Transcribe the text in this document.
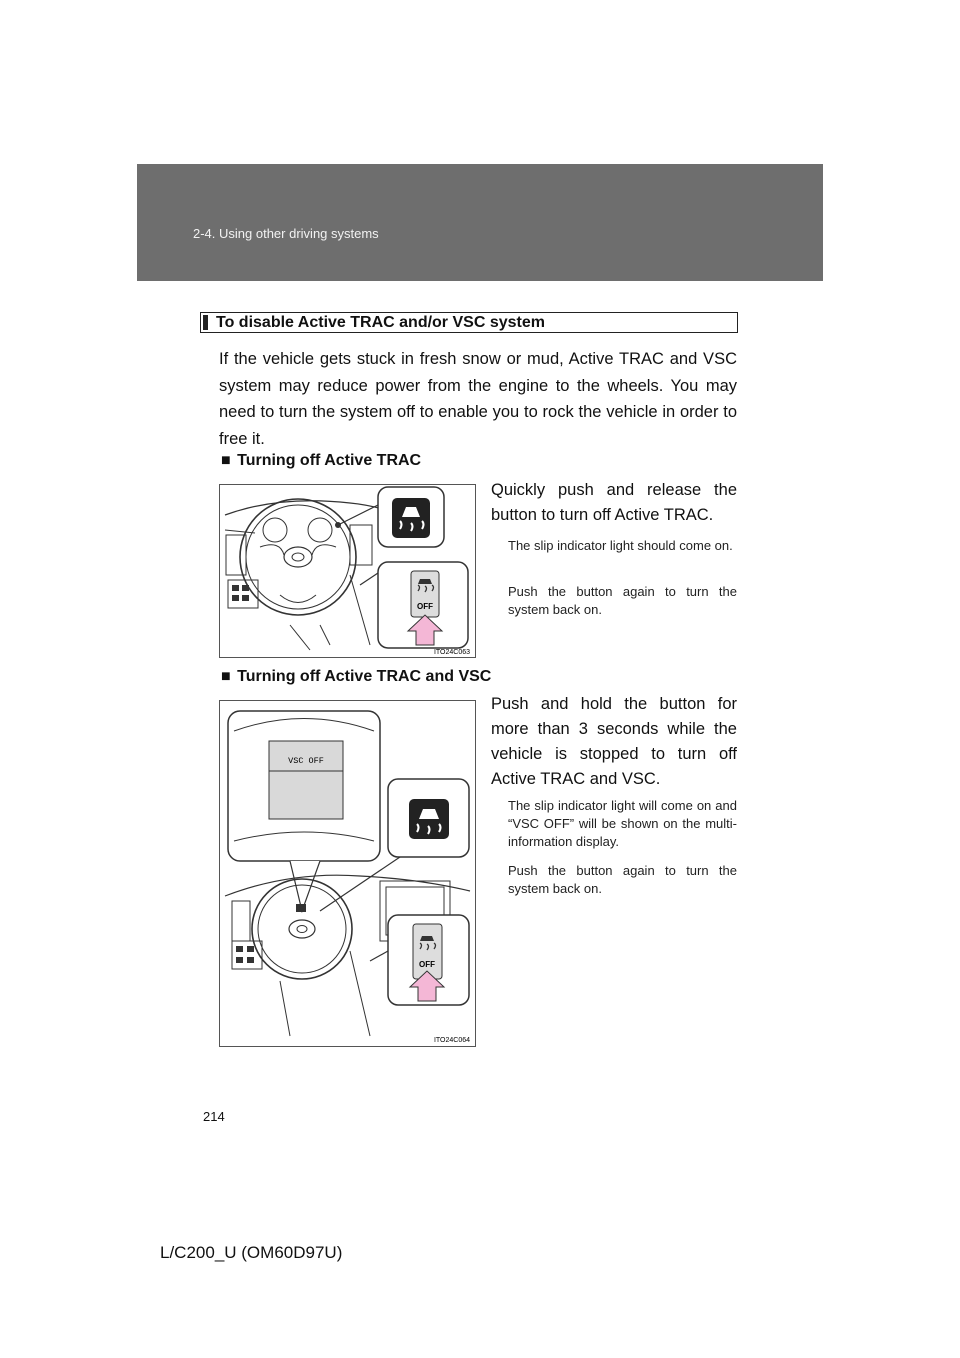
2-4. Using other driving systems
To disable Active TRAC and/or VSC system
If the vehicle gets stuck in fresh snow or mud, Active TRAC and VSC system may reduce power from the engine to the wheels. You may need to turn the system off to enable you to rock the vehicle in order to free it.
■ Turning off Active TRAC
OFF
ITO24C063
Quickly push and release the button to turn off Active TRAC.
The slip indicator light should come on.
Push the button again to turn the system back on.
■ Turning off Active TRAC and VSC
VSC OFF
OFF
ITO24C064
Push and hold the button for more than 3 seconds while the vehicle is stopped to turn off Active TRAC and VSC.
The slip indicator light will come on and “VSC OFF” will be shown on the multi-information display.
Push the button again to turn the system back on.
214
L/C200_U (OM60D97U)
